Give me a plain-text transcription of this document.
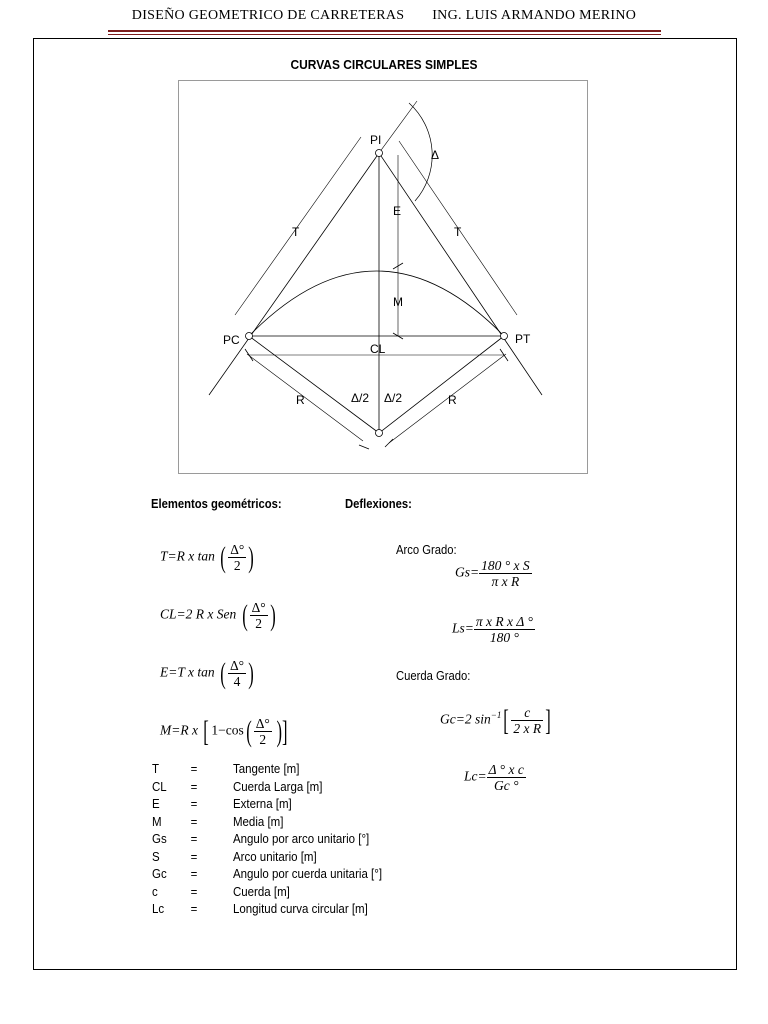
DISEÑO GEOMETRICO DE CARRETERAS ING. LUIS ARMANDO MERINO
CURVAS CIRCULARES SIMPLES
PI
PC	PT
Δ
E
M
CL
T	T
R	R
Δ/2 Δ/2
Elementos geométricos:	Deflexiones:
T=R x tan ( $\frac{\Delta^\circ}{2}$ )
CL=2 R x Sen ( $\frac{\Delta^\circ}{2}$ )
E=T x tan ( $\frac{\Delta^\circ}{4}$ )
M=R x [ $1-\cos( \frac{\Delta^\circ}{2}$ )]
Arco Grado:
$Gs= \frac{\text{180 ° x S}}{\text{π x R}}$
$Ls= \frac{\text{π x R x Δ °}}{180 ^\circ}$
Cuerda Grado:
Gc=2 $\sin^{-1}[ \frac{c}{\text{2 x R}}$ ]
$Lc= \frac{\text{Δ ° x c}}{Gc ^\circ}$
T	=	Tangente [m]
CL =	Cuerda Larga [m]
E =	Externa [m]
M =	Media [m]
Gs =	Angulo por arco unitario [°]
S =	Arco unitario [m]
Gc =	Angulo por cuerda unitaria [°]
c	=	Cuerda [m]
Lc =	Longitud curva circular [m]
